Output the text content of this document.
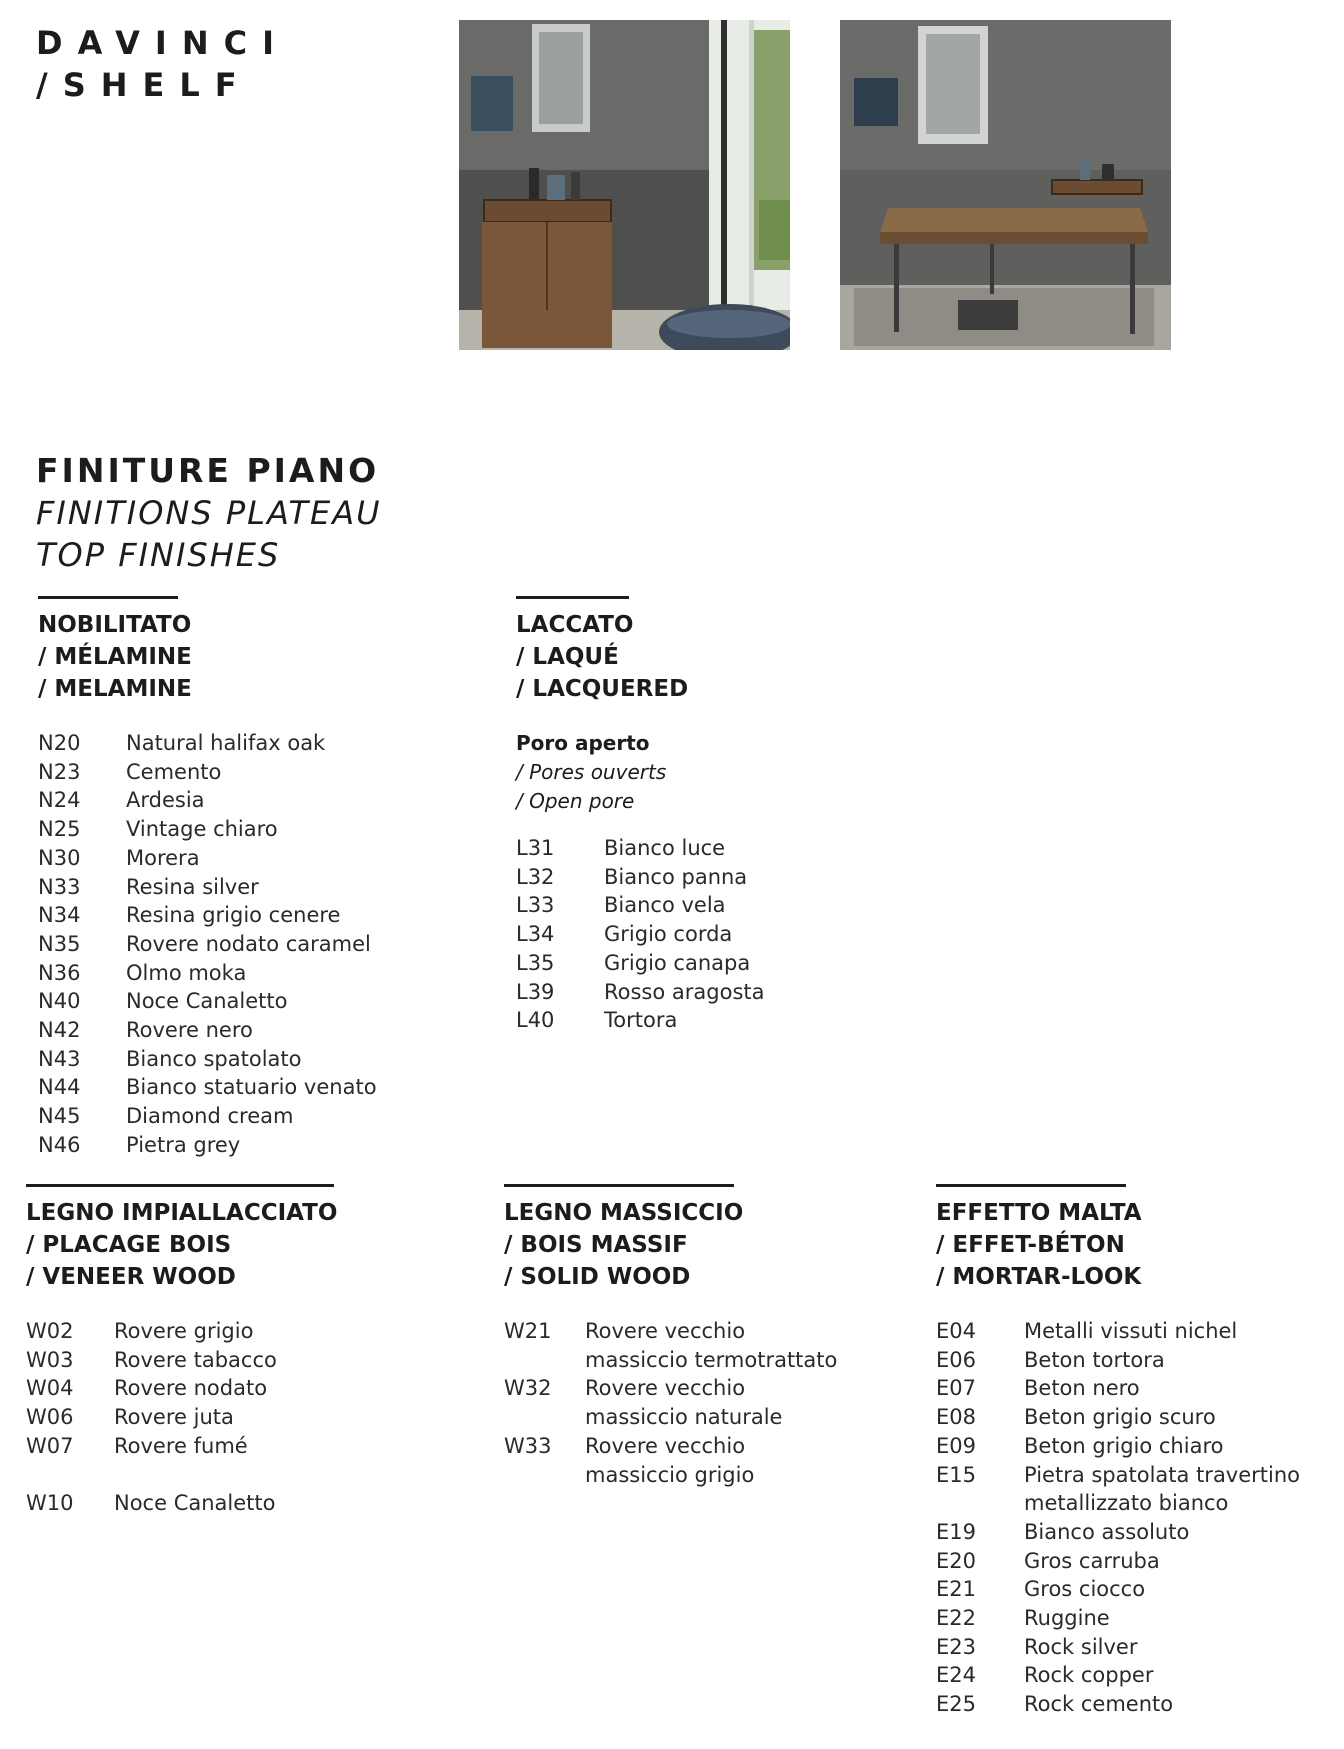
DAVINCI
/SHELF
FINITURE PIANO
FINITIONS PLATEAU
TOP FINISHES
NOBILITATO
/ MÉLAMINE
/ MELAMINE
N20	Natural halifax oak
N23	Cemento
N24	Ardesia
N25	Vintage chiaro
N30	Morera
N33	Resina silver
N34	Resina grigio cenere
N35	Rovere nodato caramel
N36	Olmo moka
N40	Noce Canaletto
N42	Rovere nero
N43	Bianco spatolato
N44	Bianco statuario venato
N45	Diamond cream
N46	Pietra grey
LACCATO
/ LAQUÉ
/ LACQUERED
Poro aperto
/ Pores ouverts
/ Open pore
L31	Bianco luce
L32	Bianco panna
L33	Bianco vela
L34	Grigio corda
L35	Grigio canapa
L39	Rosso aragosta
L40	Tortora
LEGNO IMPIALLACCIATO
/ PLACAGE BOIS
/ VENEER WOOD
W02	Rovere grigio
W03	Rovere tabacco
W04	Rovere nodato
W06	Rovere juta
W07	Rovere fumé
W10	Noce Canaletto
LEGNO MASSICCIO
/ BOIS MASSIF
/ SOLID WOOD
W21	Rovere vecchio
massiccio termotrattato
W32	Rovere vecchio
massiccio naturale
W33	Rovere vecchio
massiccio grigio
EFFETTO MALTA
/ EFFET-BÉTON
/ MORTAR-LOOK
E04	Metalli vissuti nichel
E06	Beton tortora
E07	Beton nero
E08	Beton grigio scuro
E09	Beton grigio chiaro
E15	Pietra spatolata travertino
metallizzato bianco
E19	Bianco assoluto
E20	Gros carruba
E21	Gros ciocco
E22	Ruggine
E23	Rock silver
E24	Rock copper
E25	Rock cemento
